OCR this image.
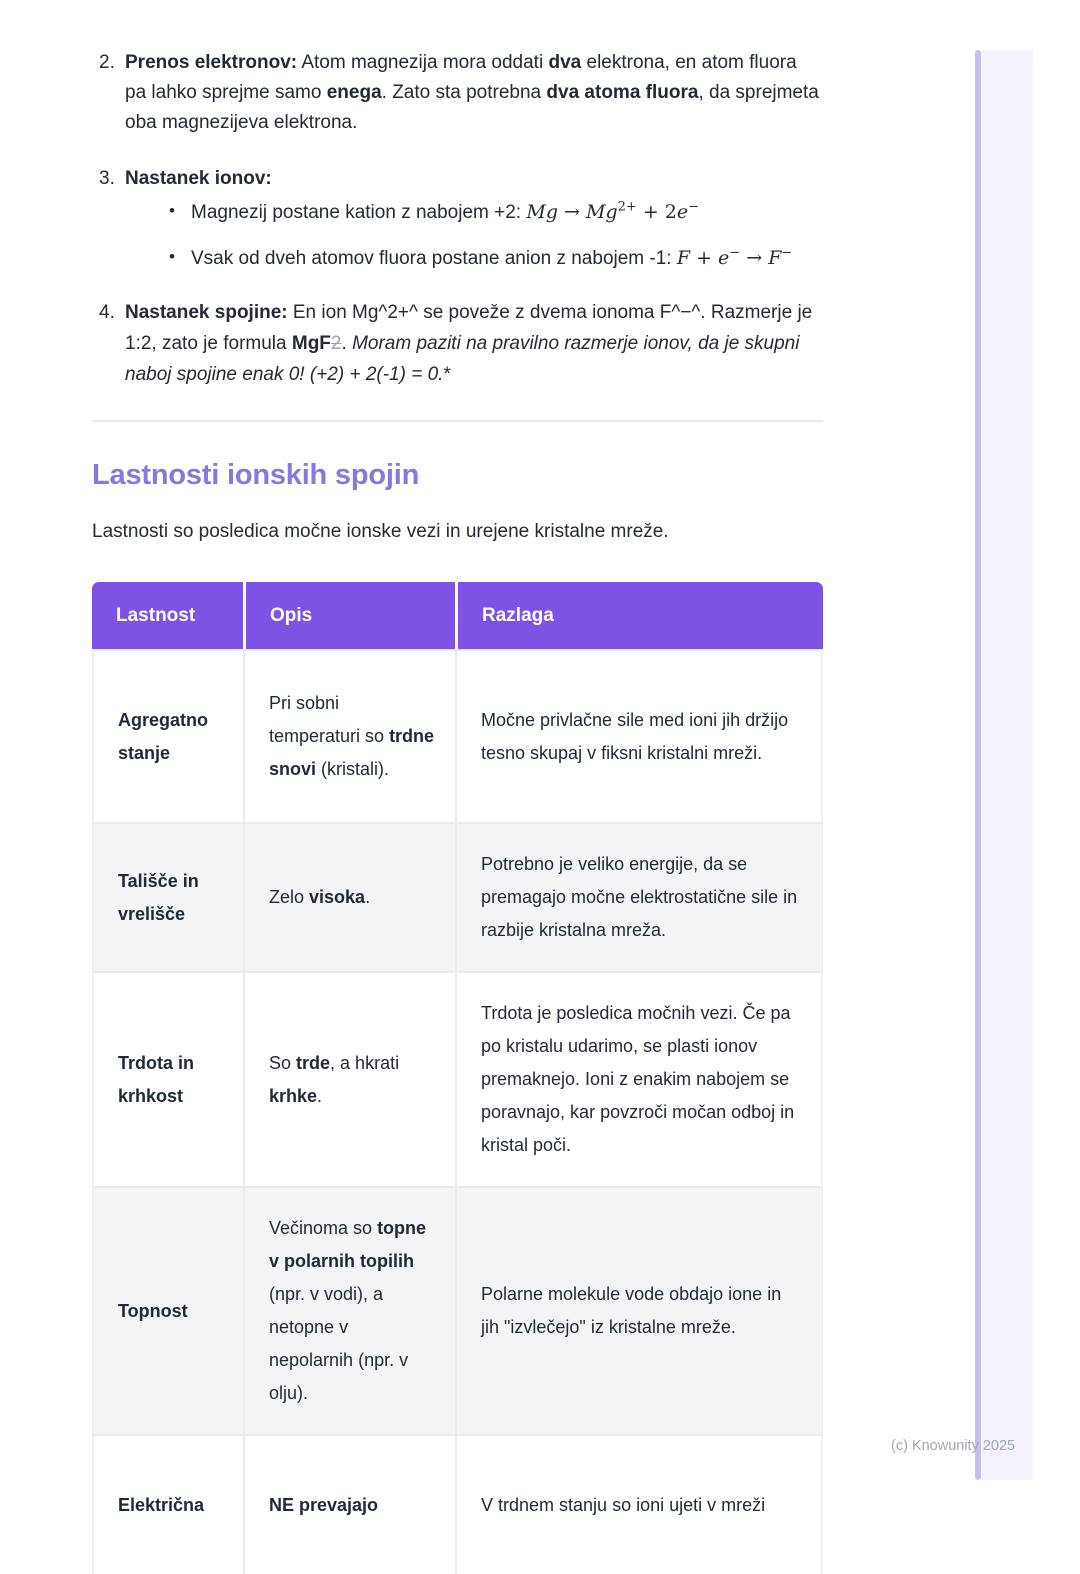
2. Prenos elektronov: Atom magnezija mora oddati dva elektrona, en atom fluora pa lahko sprejme samo enega. Zato sta potrebna dva atoma fluora, da sprejmeta oba magnezijeva elektrona.
3. Nastanek ionov:
• Magnezij postane kation z nabojem +2: $Mg \to Mg^{2+} + 2e^-$
• Vsak od dveh atomov fluora postane anion z nabojem -1: F + e− → F−
4. Nastanek spojine: En ion Mg^2+^ se poveže z dvema ionoma F^−^. Razmerje je 1:2, zato je formula MgF2. Moram paziti na pravilno razmerje ionov, da je skupni naboj spojine enak 0! (+2) + 2(-1) = 0.*
Lastnosti ionskih spojin

Lastnosti so posledica močne ionske vezi in urejene kristalne mreže.

Lastnost	Opis	Razlaga
Agregatno stanje	Pri sobni temperaturi so trdne snovi (kristali).	Močne privlačne sile med ioni jih držijo tesno skupaj v fiksni kristalni mreži.
Tališče in vrelišče	Zelo visoka.	Potrebno je veliko energije, da se premagajo močne elektrostatične sile in razbije kristalna mreža.
Trdota in krhkost	So trde, a hkrati krhke.	Trdota je posledica močnih vezi. Če pa po kristalu udarimo, se plasti ionov premaknejo. Ioni z enakim nabojem se poravnajo, kar povzroči močan odboj in kristal poči.
Topnost	Večinoma so topne v polarnih topilih (npr. v vodi), a netopne v nepolarnih (npr. v olju).	Polarne molekule vode obdajo ione in jih "izvlečejo" iz kristalne mreže.
Električna	NE prevajajo	V trdnem stanju so ioni ujeti v mreži
(c) Knowunity 2025
